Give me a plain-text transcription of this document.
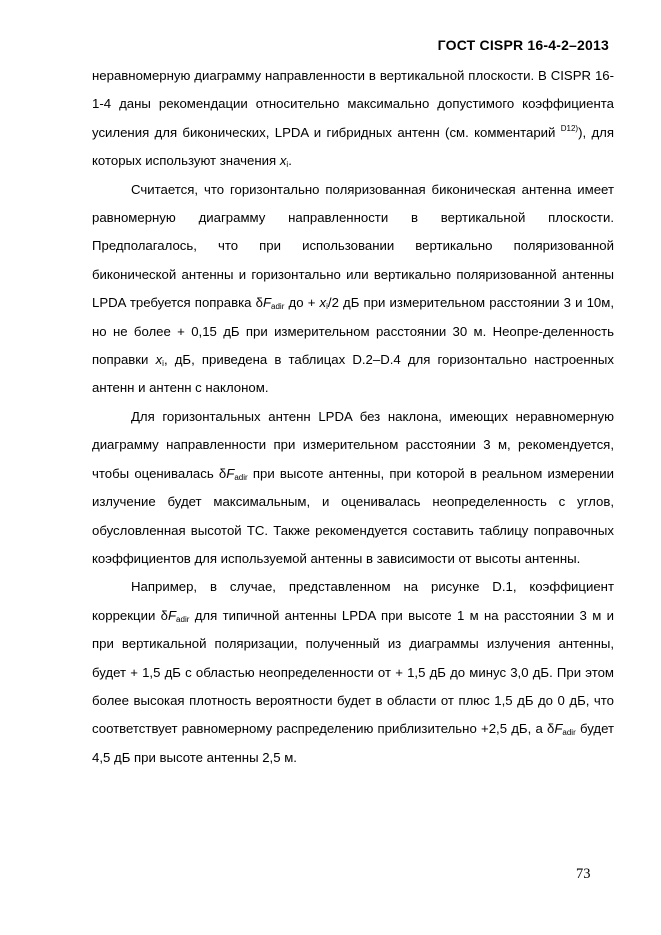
ГОСТ CISPR 16-4-2–2013

неравномерную диаграмму направленности в вертикальной плоскости. В CISPR 16-1-4 даны рекомендации относительно максимально допустимого коэффициента усиления для биконических, LPDA и гибридных антенн (см. комментарий $^{D12)}$), для которых используют значения $x_i$.

Считается, что горизонтально поляризованная биконическая антенна имеет равномерную диаграмму направленности в вертикальной плоскости. Предполагалось, что при использовании вертикально поляризованной биконической антенны и горизонтально или вертикально поляризованной антенны LPDA требуется поправка $\delta F_{adir}$ до + $x_i/2$ дБ при измерительном расстоянии 3 и 10м, но не более + 0,15 дБ при измерительном расстоянии 30 м. Неопре-деленность поправки $x_i$, дБ, приведена в таблицах D.2–D.4 для горизонтально настроенных антенн и антенн с наклоном.

Для горизонтальных антенн LPDA без наклона, имеющих неравномерную диаграмму направленности при измерительном расстоянии 3 м, рекомендуется, чтобы оценивалась $\delta F_{adir}$ при высоте антенны, при которой в реальном измерении излучение будет максимальным, и оценивалась неопределенность с углов, обусловленная высотой ТС. Также рекомендуется составить таблицу поправочных коэффициентов для используемой антенны в зависимости от высоты антенны.

Например, в случае, представленном на рисунке D.1, коэффициент коррекции $\delta F_{adir}$ для типичной антенны LPDA при высоте 1 м на расстоянии 3 м и при вертикальной поляризации, полученный из диаграммы излучения антенны, будет + 1,5 дБ с областью неопределенности от + 1,5 дБ до минус 3,0 дБ. При этом более высокая плотность вероятности будет в области от плюс 1,5 дБ до 0 дБ, что соответствует равномерному распределению приблизительно +2,5 дБ, а $\delta F_{adir}$ будет 4,5 дБ при высоте антенны 2,5 м.

73
